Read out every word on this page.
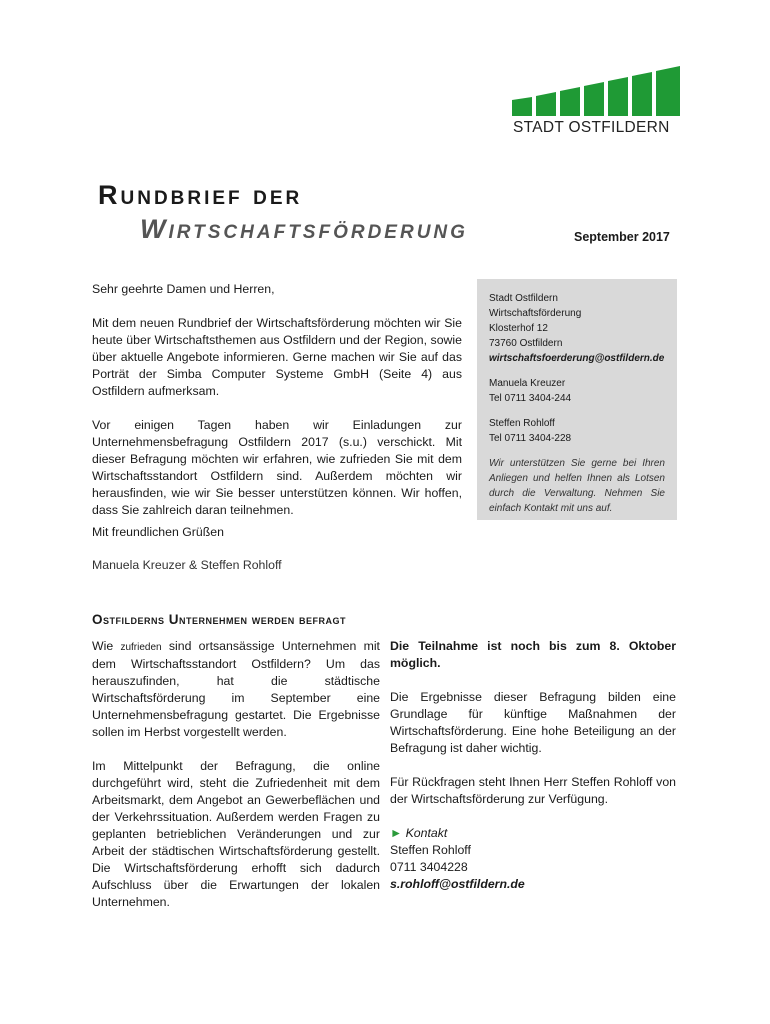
STADT OSTFILDERN
Rundbrief der
Wirtschaftsförderung	September 2017

Sehr geehrte Damen und Herren,

Mit dem neuen Rundbrief der Wirtschaftsförderung möchten wir Sie heute über Wirtschaftsthemen aus Ostfildern und der Region, sowie über aktuelle Angebote informieren. Gerne machen wir Sie auf das Porträt der Simba Computer Systeme GmbH (Seite 4) aus Ostfildern aufmerksam.

Vor einigen Tagen haben wir Einladungen zur Unternehmensbefragung Ostfildern 2017 (s.u.) verschickt. Mit dieser Befragung möchten wir erfahren, wie zufrieden Sie mit dem Wirtschaftsstandort Ostfildern sind. Außerdem möchten wir herausfinden, wie wir Sie besser unterstützen können. Wir hoffen, dass Sie zahlreich daran teilnehmen.

Stadt Ostfildern
Wirtschaftsförderung
Klosterhof 12
73760 Ostfildern
wirtschaftsfoerderung@ostfildern.de
Manuela Kreuzer
Tel 0711 3404-244
Steffen Rohloff
Tel 0711 3404-228
Wir unterstützen Sie gerne bei Ihren Anliegen und helfen Ihnen als Lotsen durch die Verwaltung. Nehmen Sie einfach Kontakt mit uns auf.
Mit freundlichen Grüßen
Manuela Kreuzer & Steffen Rohloff
Ostfilderns Unternehmen werden befragt

Wie zufrieden sind ortsansässige Unternehmen mit dem Wirtschaftsstandort Ostfildern? Um das herauszufinden, hat die städtische Wirtschaftsförderung im September eine Unternehmensbefragung gestartet. Die Ergebnisse sollen im Herbst vorgestellt werden.

Im Mittelpunkt der Befragung, die online durchgeführt wird, steht die Zufriedenheit mit dem Arbeitsmarkt, dem Angebot an Gewerbeflächen und der Verkehrssituation. Außerdem werden Fragen zu geplanten betrieblichen Veränderungen und zur Arbeit der städtischen Wirtschaftsförderung gestellt. Die Wirtschaftsförderung erhofft sich dadurch Aufschluss über die Erwartungen der lokalen Unternehmen.

Die Teilnahme ist noch bis zum 8. Oktober möglich.

Die Ergebnisse dieser Befragung bilden eine Grundlage für künftige Maßnahmen der Wirtschaftsförderung. Eine hohe Beteiligung an der Befragung ist daher wichtig.

Für Rückfragen steht Ihnen Herr Steffen Rohloff von der Wirtschaftsförderung zur Verfügung.

► Kontakt
Steffen Rohloff
0711 3404228
s.rohloff@ostfildern.de
